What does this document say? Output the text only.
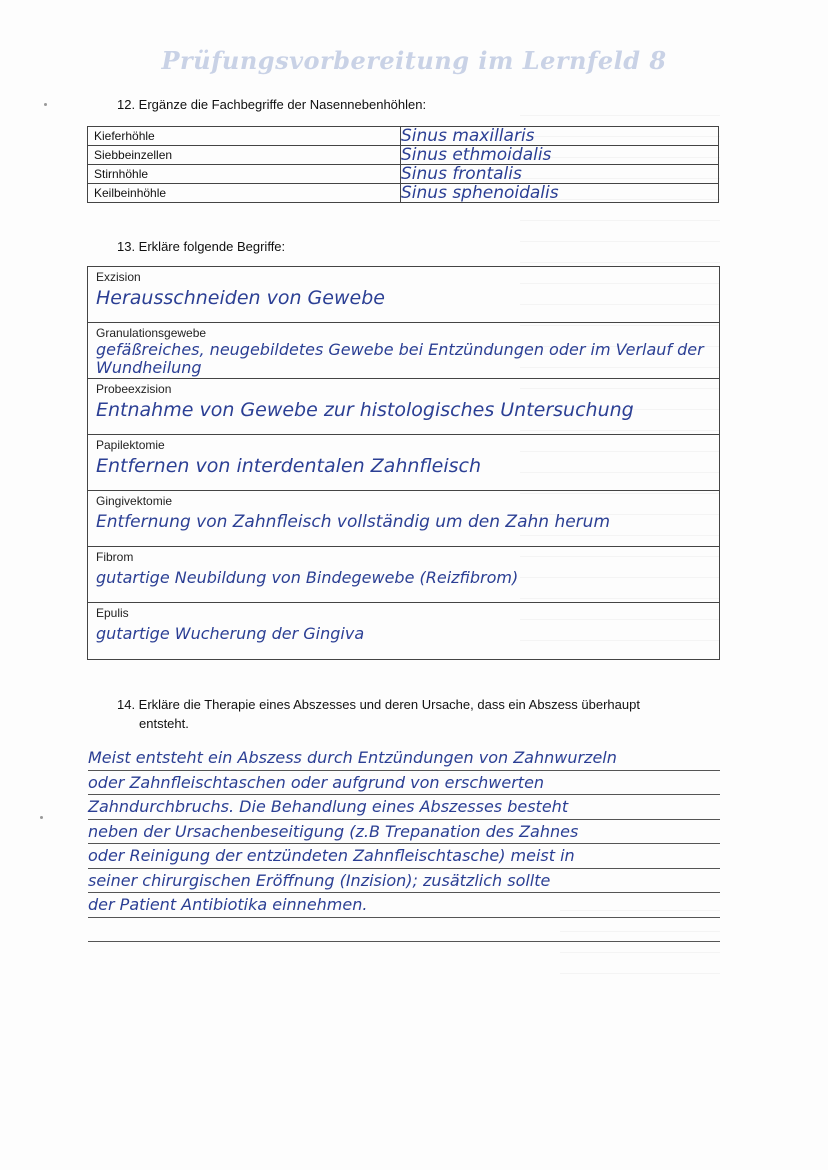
Prüfungsvorbereitung im Lernfeld 8
12. Ergänze die Fachbegriffe der Nasennebenhöhlen:
Kieferhöhle	Sinus maxillaris
Siebbeinzellen	Sinus ethmoidalis
Stirnhöhle	Sinus frontalis
Keilbeinhöhle	Sinus sphenoidalis
13. Erkläre folgende Begriffe:
Exzision
Herausschneiden von Gewebe
Granulationsgewebe
gefäßreiches, neugebildetes Gewebe bei Entzündungen oder im Verlauf der Wundheilung
Probeexzision
Entnahme von Gewebe zur histologisches Untersuchung
Papilektomie
Entfernen von interdentalen Zahnfleisch
Gingivektomie
Entfernung von Zahnfleisch vollständig um den Zahn herum
Fibrom
gutartige Neubildung von Bindegewebe (Reizfibrom)
Epulis
gutartige Wucherung der Gingiva
14. Erkläre die Therapie eines Abszesses und deren Ursache, dass ein Abszess überhaupt
entsteht.
Meist entsteht ein Abszess durch Entzündungen von Zahnwurzeln
oder Zahnfleischtaschen oder aufgrund von erschwerten
Zahndurchbruchs. Die Behandlung eines Abszesses besteht
neben der Ursachenbeseitigung (z.B Trepanation des Zahnes
oder Reinigung der entzündeten Zahnfleischtasche) meist in
seiner chirurgischen Eröffnung (Inzision); zusätzlich sollte
der Patient Antibiotika einnehmen.
